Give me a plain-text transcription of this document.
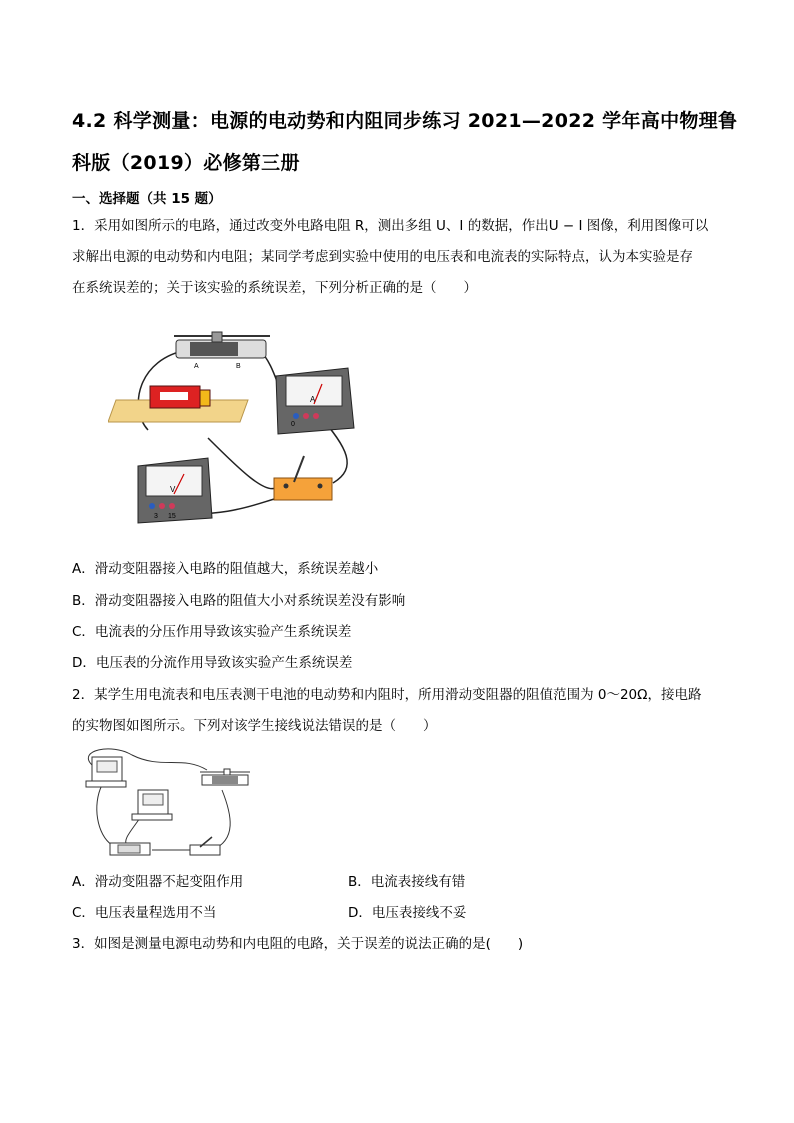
4.2 科学测量：电源的电动势和内阻同步练习 2021—2022 学年高中物理鲁
科版（2019）必修第三册
一、选择题（共 15 题）
1．采用如图所示的电路，通过改变外电路电阻 R，测出多组 U、I 的数据，作出U − I 图像，利用图像可以
求解出电源的电动势和内电阻；某同学考虑到实验中使用的电压表和电流表的实际特点，认为本实验是存
在系统误差的；关于该实验的系统误差，下列分析正确的是（　　）
A	B
A
0
V
3 15
A．滑动变阻器接入电路的阻值越大，系统误差越小
B．滑动变阻器接入电路的阻值大小对系统误差没有影响
C．电流表的分压作用导致该实验产生系统误差
D．电压表的分流作用导致该实验产生系统误差
2．某学生用电流表和电压表测干电池的电动势和内阻时，所用滑动变阻器的阻值范围为 0～20Ω，接电路
的实物图如图所示。下列对该学生接线说法错误的是（　　）
A．滑动变阻器不起变阻作用	B．电流表接线有错
C．电压表量程选用不当	D．电压表接线不妥
3．如图是测量电源电动势和内电阻的电路，关于误差的说法正确的是(　　)
